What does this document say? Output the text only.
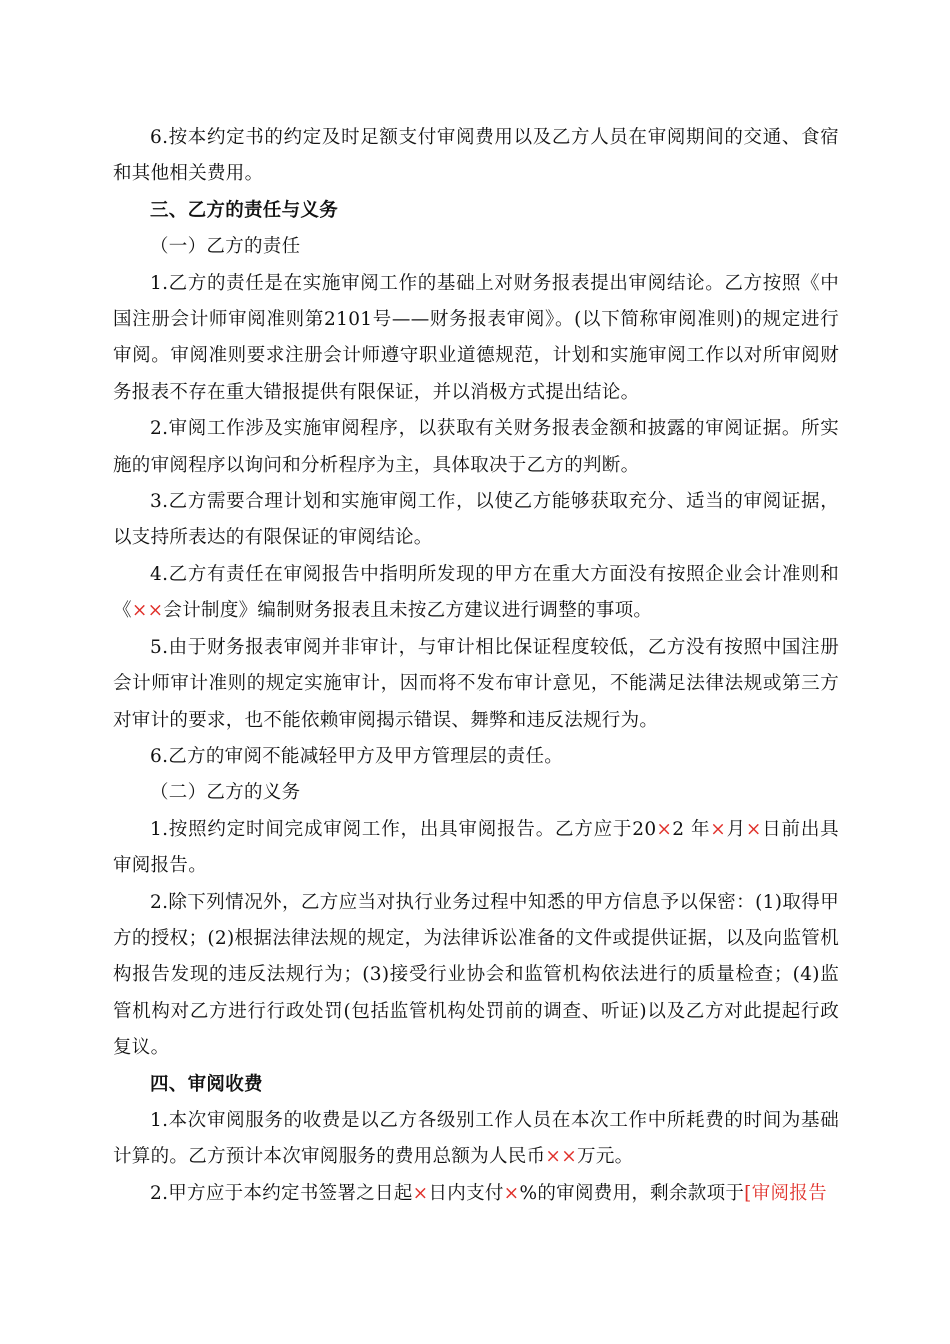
6.按本约定书的约定及时足额支付审阅费用以及乙方人员在审阅期间的交通、食宿和其他相关费用。

三、乙方的责任与义务

（一）乙方的责任

1.乙方的责任是在实施审阅工作的基础上对财务报表提出审阅结论。乙方按照《中国注册会计师审阅准则第2101号——财务报表审阅》。(以下简称审阅准则)的规定进行审阅。审阅准则要求注册会计师遵守职业道德规范，计划和实施审阅工作以对所审阅财务报表不存在重大错报提供有限保证，并以消极方式提出结论。

2.审阅工作涉及实施审阅程序，以获取有关财务报表金额和披露的审阅证据。所实施的审阅程序以询问和分析程序为主，具体取决于乙方的判断。

3.乙方需要合理计划和实施审阅工作，以使乙方能够获取充分、适当的审阅证据，以支持所表达的有限保证的审阅结论。

4.乙方有责任在审阅报告中指明所发现的甲方在重大方面没有按照企业会计准则和《××会计制度》编制财务报表且未按乙方建议进行调整的事项。

5.由于财务报表审阅并非审计，与审计相比保证程度较低，乙方没有按照中国注册会计师审计准则的规定实施审计，因而将不发布审计意见，不能满足法律法规或第三方对审计的要求，也不能依赖审阅揭示错误、舞弊和违反法规行为。

6.乙方的审阅不能减轻甲方及甲方管理层的责任。

（二）乙方的义务

1.按照约定时间完成审阅工作，出具审阅报告。乙方应于20×2 年×月×日前出具审阅报告。

2.除下列情况外，乙方应当对执行业务过程中知悉的甲方信息予以保密：(1)取得甲方的授权；(2)根据法律法规的规定，为法律诉讼准备的文件或提供证据，以及向监管机构报告发现的违反法规行为；(3)接受行业协会和监管机构依法进行的质量检查；(4)监管机构对乙方进行行政处罚(包括监管机构处罚前的调查、听证)以及乙方对此提起行政复议。

四、审阅收费

1.本次审阅服务的收费是以乙方各级别工作人员在本次工作中所耗费的时间为基础计算的。乙方预计本次审阅服务的费用总额为人民币××万元。

2.甲方应于本约定书签署之日起×日内支付×%的审阅费用，剩余款项于[审阅报告
